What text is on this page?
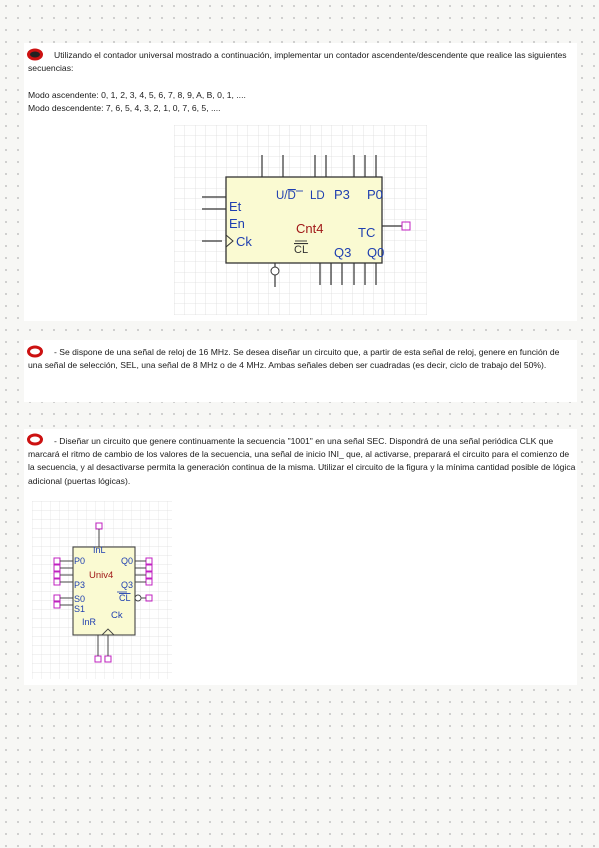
Utilizando el contador universal mostrado a continuación, implementar un contador ascendente/descendente que realice las siguientes secuencias:

Modo ascendente: 0, 1, 2, 3, 4, 5, 6, 7, 8, 9, A, B, 0, 1, ....

Modo descendente: 7, 6, 5, 4, 3, 2, 1, 0, 7, 6, 5, ....

U/D LD P3 P0
Et
En	Cnt4	TC
Ck
CL Q3 Q0

- Se dispone de una señal de reloj de 16 MHz. Se desea diseñar un circuito que, a partir de esta señal de reloj, genere en función de una señal de selección, SEL, una señal de 8 MHz o de 4 MHz. Ambas señales deben ser cuadradas (es decir, ciclo de trabajo del 50%).

- Diseñar un circuito que genere continuamente la secuencia "1001" en una señal SEC. Dispondrá de una señal periódica CLK que marcará el ritmo de cambio de los valores de la secuencia, una señal de inicio INI_ que, al activarse, preparará el circuito para el comienzo de la secuencia, y al desactivarse permita la generación continua de la misma. Utilizar el circuito de la figura y la mínima cantidad posible de lógica adicional (puertas lógicas).

InL
P0	Q0
Univ4
P3	Q3
S0	CL
S1
Ck
InR
